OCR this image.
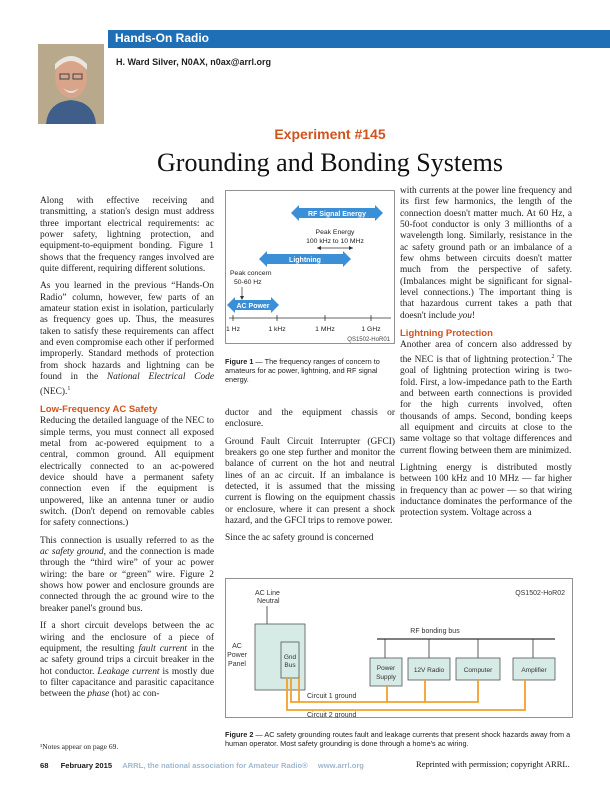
Hands-On Radio
H. Ward Silver, N0AX, n0ax@arrl.org
Experiment #145
Grounding and Bonding Systems

Along with effective receiving and transmitting, a station's design must address three important electrical requirements: ac power safety, lightning protection, and equipment-to-equipment bonding. Figure 1 shows that the frequency ranges involved are quite different, requiring different solutions.

As you learned in the previous “Hands-On Radio” column, however, few parts of an amateur station exist in isolation, particularly as frequency goes up. Thus, the measures taken to satisfy these requirements can affect and even compromise each other if performed improperly. Standard methods of protection from shock hazards and lightning can be found in the National Electrical Code (NEC).$^1$

Low-Frequency AC Safety

Reducing the detailed language of the NEC to simple terms, you must connect all exposed metal from ac-powered equipment to a central, common ground. All equipment electrically connected to an ac-powered device should have a permanent safety connection even if the equipment is unpowered, like an antenna tuner or audio switch. (Don't depend on removable cables for safety connections.)

This connection is usually referred to as the ac safety ground, and the connection is made through the “third wire” of your ac power wiring: the bare or “green” wire. Figure 2 shows how power and enclosure grounds are connected through the ac ground wire to the breaker panel's ground bus.

If a short circuit develops between the ac wiring and the enclosure of a piece of equipment, the resulting fault current in the ac safety ground trips a circuit breaker in the hot conductor. Leakage current is mostly due to filter capacitance and parasitic capacitance between the phase (hot) ac con-

RF Signal Energy
Peak Energy
100 kHz to 10 MHz
Lightning
Peak concern
50-60 Hz
AC Power
1 Hz	1 kHz	1 MHz	1 GHz
QS1502-HoR01
Figure 1 — The frequency ranges of concern to amateurs for ac power, lightning, and RF signal energy.

ductor and the equipment chassis or enclosure.

Ground Fault Circuit Interrupter (GFCI) breakers go one step further and monitor the balance of current on the hot and neutral lines of an ac circuit. If an imbalance is detected, it is assumed that the missing current is flowing on the equipment chassis or enclosure, where it can present a shock hazard, and the GFCI trips to remove power.

Since the ac safety ground is concerned

with currents at the power line frequency and its first few harmonics, the length of the connection doesn't matter much. At 60 Hz, a 50-foot conductor is only 3 millionths of a wavelength long. Similarly, resistance in the ac safety ground path or an imbalance of a few ohms between circuits doesn't matter much from the perspective of safety. (Imbalances might be significant for signal-level connections.) The important thing is that hazardous current takes a path that doesn't include you!

Lightning Protection

Another area of concern also addressed by the NEC is that of lightning protection.$^2$ The goal of lightning protection wiring is two-fold. First, a low-impedance path to the Earth and between earth connections is provided for the high currents involved, often thousands of amps. Second, bonding keeps all equipment and circuits at close to the same voltage so that voltage differences and current flowing between them are minimized.

Lightning energy is distributed mostly between 100 kHz and 10 MHz — far higher in frequency than ac power — so that wiring inductance dominates the performance of the protection system. Voltage across a

QS1502-HoR02
AC Line
Neutral
AC
Power
Panel
Gnd
Bus
RF bonding bus
Power
Supply
12V Radio	Computer	Amplifier
Circuit 1 ground
Circuit 2 ground
Figure 2 — AC safety grounding routes fault and leakage currents that present shock hazards away from a human operator. Most safety grounding is done through a home's ac wiring.
¹Notes appear on page 69.
68 February 2015 ARRL, the national association for Amateur Radio® www.arrl.org	Reprinted with permission; copyright ARRL.
